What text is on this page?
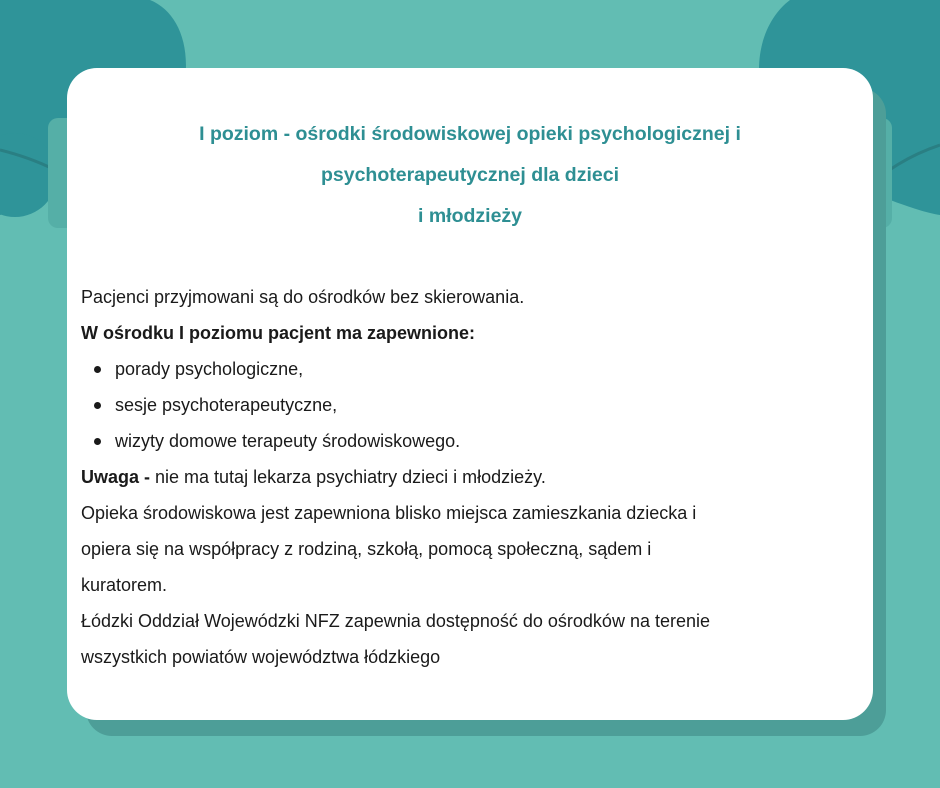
I poziom - ośrodki środowiskowej opieki psychologicznej i
psychoterapeutycznej dla dzieci
i młodzieży

Pacjenci przyjmowani są do ośrodków bez skierowania.

W ośrodku I poziomu pacjent ma zapewnione:

porady psychologiczne,
sesje psychoterapeutyczne,
wizyty domowe terapeuty środowiskowego.

Uwaga - nie ma tutaj lekarza psychiatry dzieci i młodzieży.

Opieka środowiskowa jest zapewniona blisko miejsca zamieszkania dziecka i

opiera się na współpracy z rodziną, szkołą, pomocą społeczną, sądem i

kuratorem.

Łódzki Oddział Wojewódzki NFZ zapewnia dostępność do ośrodków na terenie

wszystkich powiatów województwa łódzkiego
